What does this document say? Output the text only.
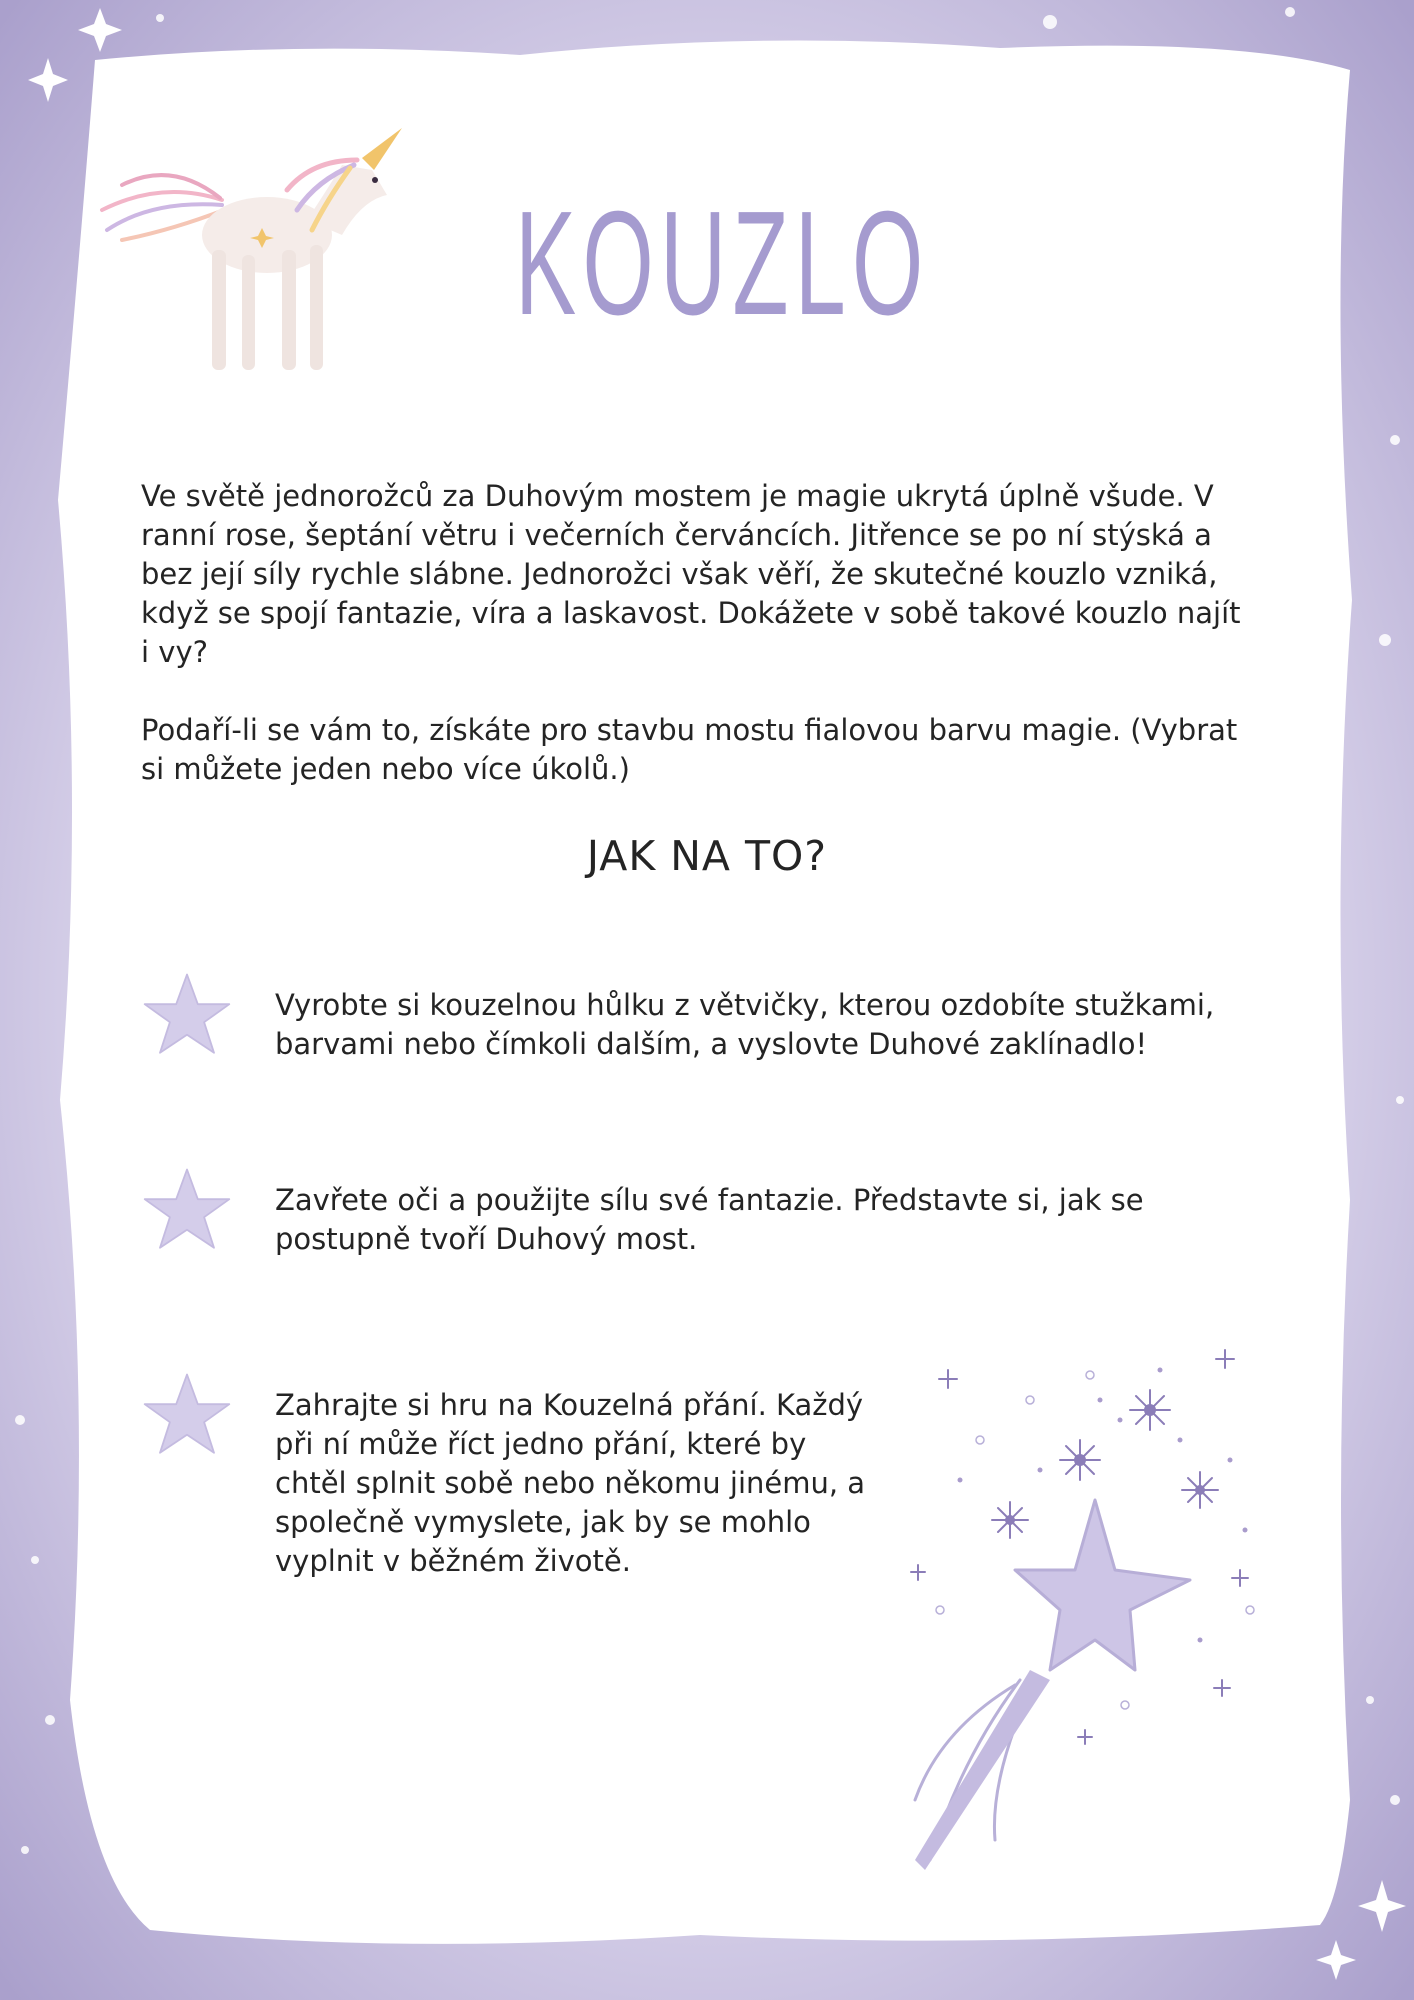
KOUZLO

Ve světě jednorožců za Duhovým mostem je magie ukrytá úplně všude. V ranní rose, šeptání větru i večerních červáncích. Jitřence se po ní stýská a bez její síly rychle slábne. Jednorožci však věří, že skutečné kouzlo vzniká, když se spojí fantazie, víra a laskavost. Dokážete v sobě takové kouzlo najít i vy?

Podaří-li se vám to, získáte pro stavbu mostu fialovou barvu magie. (Vybrat si můžete jeden nebo více úkolů.)

JAK NA TO?
Vyrobte si kouzelnou hůlku z větvičky, kterou ozdobíte stužkami, barvami nebo čímkoli dalším, a vyslovte Duhové zaklínadlo!
Zavřete oči a použijte sílu své fantazie. Představte si, jak se postupně tvoří Duhový most.
Zahrajte si hru na Kouzelná přání. Každý při ní může říct jedno přání, které by chtěl splnit sobě nebo někomu jinému, a společně vymyslete, jak by se mohlo vyplnit v běžném životě.
